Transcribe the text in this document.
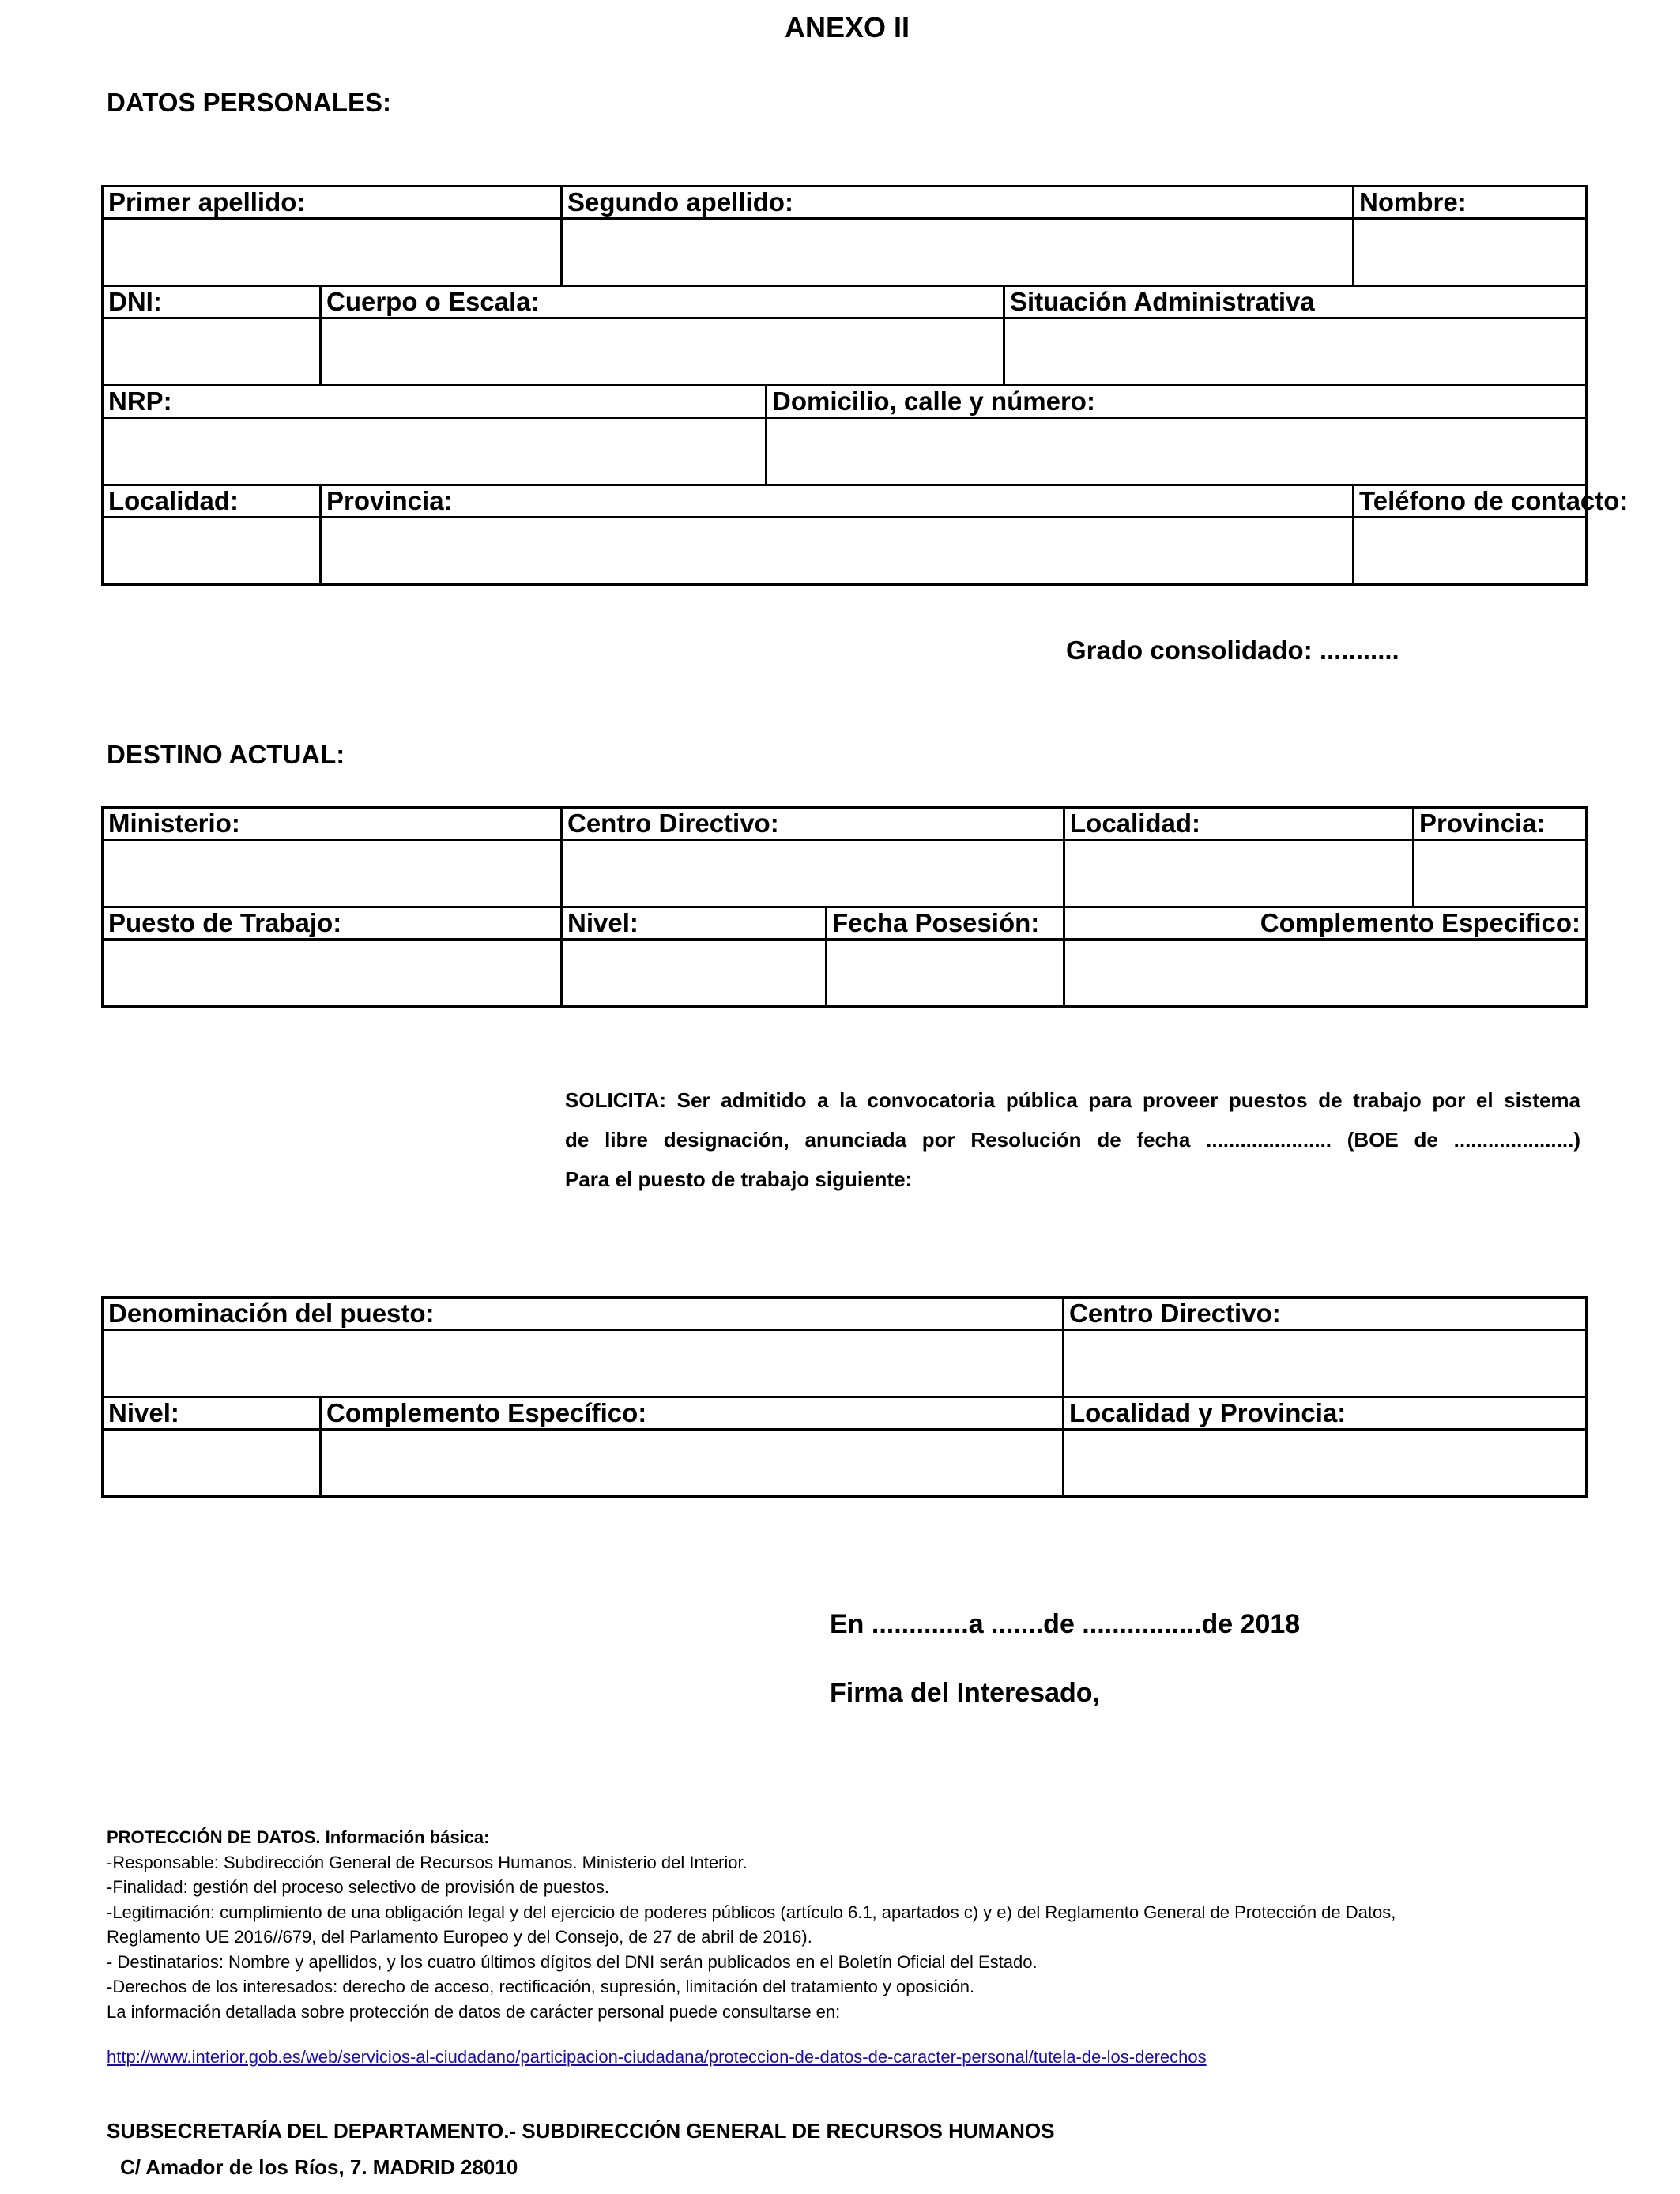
ANEXO II
DATOS PERSONALES:
Primer apellido:		Segundo apellido:			Nombre:

DNI:	Cuerpo o Escala:			Situación Administrativa	

NRP:			Domicilio, calle y número:		

Localidad:	Provincia:				Teléfono de contacto:

Grado consolidado: ...........
DESTINO ACTUAL:
Ministerio:	Centro Directivo:		Localidad:	Provincia:

Puesto de Trabajo:	Nivel:	Fecha Posesión:	Complemento Especifico:	

SOLICITA: Ser admitido a la convocatoria pública para proveer puestos de trabajo por el sistema
de libre designación, anunciada por Resolución de fecha ...................... (BOE de .....................)
Para el puesto de trabajo siguiente:
Denominación del puesto:		Centro Directivo:

Nivel:	Complemento Específico:	Localidad y Provincia:

En .............a .......de ................de 2018
Firma del Interesado,
PROTECCIÓN DE DATOS. Información básica:
-Responsable: Subdirección General de Recursos Humanos. Ministerio del Interior.
-Finalidad: gestión del proceso selectivo de provisión de puestos.
-Legitimación: cumplimiento de una obligación legal y del ejercicio de poderes públicos (artículo 6.1, apartados c) y e) del Reglamento General de Protección de Datos,
Reglamento UE 2016//679, del Parlamento Europeo y del Consejo, de 27 de abril de 2016).
- Destinatarios: Nombre y apellidos, y los cuatro últimos dígitos del DNI serán publicados en el Boletín Oficial del Estado.
-Derechos de los interesados: derecho de acceso, rectificación, supresión, limitación del tratamiento y oposición.
La información detallada sobre protección de datos de carácter personal puede consultarse en:
http://www.interior.gob.es/web/servicios-al-ciudadano/participacion-ciudadana/proteccion-de-datos-de-caracter-personal/tutela-de-los-derechos
SUBSECRETARÍA DEL DEPARTAMENTO.- SUBDIRECCIÓN GENERAL DE RECURSOS HUMANOS
C/ Amador de los Ríos, 7. MADRID 28010
